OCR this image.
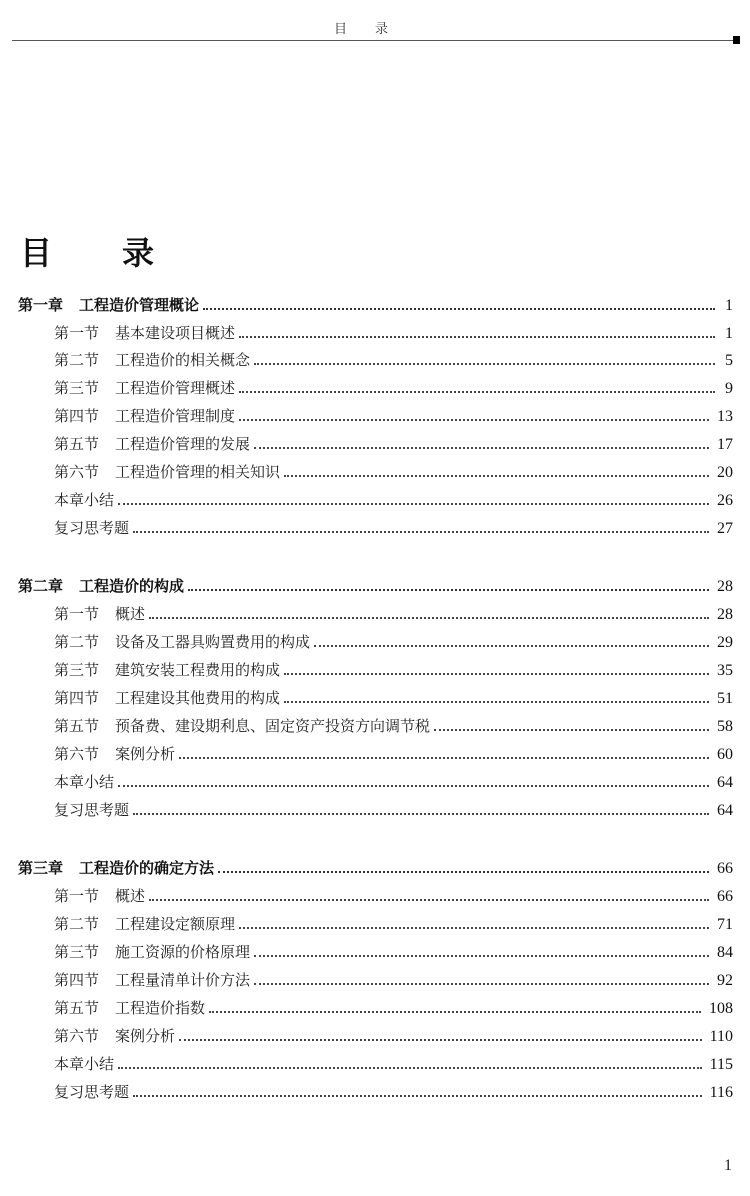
目录
目录
第一章 工程造价管理概论	1
第一节 基本建设项目概述	1
第二节 工程造价的相关概念	5
第三节 工程造价管理概述	9
第四节 工程造价管理制度	13
第五节 工程造价管理的发展	17
第六节 工程造价管理的相关知识	20
本章小结	26
复习思考题	27
第二章 工程造价的构成	28
第一节 概述	28
第二节 设备及工器具购置费用的构成	29
第三节 建筑安装工程费用的构成	35
第四节 工程建设其他费用的构成	51
第五节 预备费、建设期利息、固定资产投资方向调节税	58
第六节 案例分析	60
本章小结	64
复习思考题	64
第三章 工程造价的确定方法	66
第一节 概述	66
第二节 工程建设定额原理	71
第三节 施工资源的价格原理	84
第四节 工程量清单计价方法	92
第五节 工程造价指数	108
第六节 案例分析	110
本章小结	115
复习思考题	116
1
